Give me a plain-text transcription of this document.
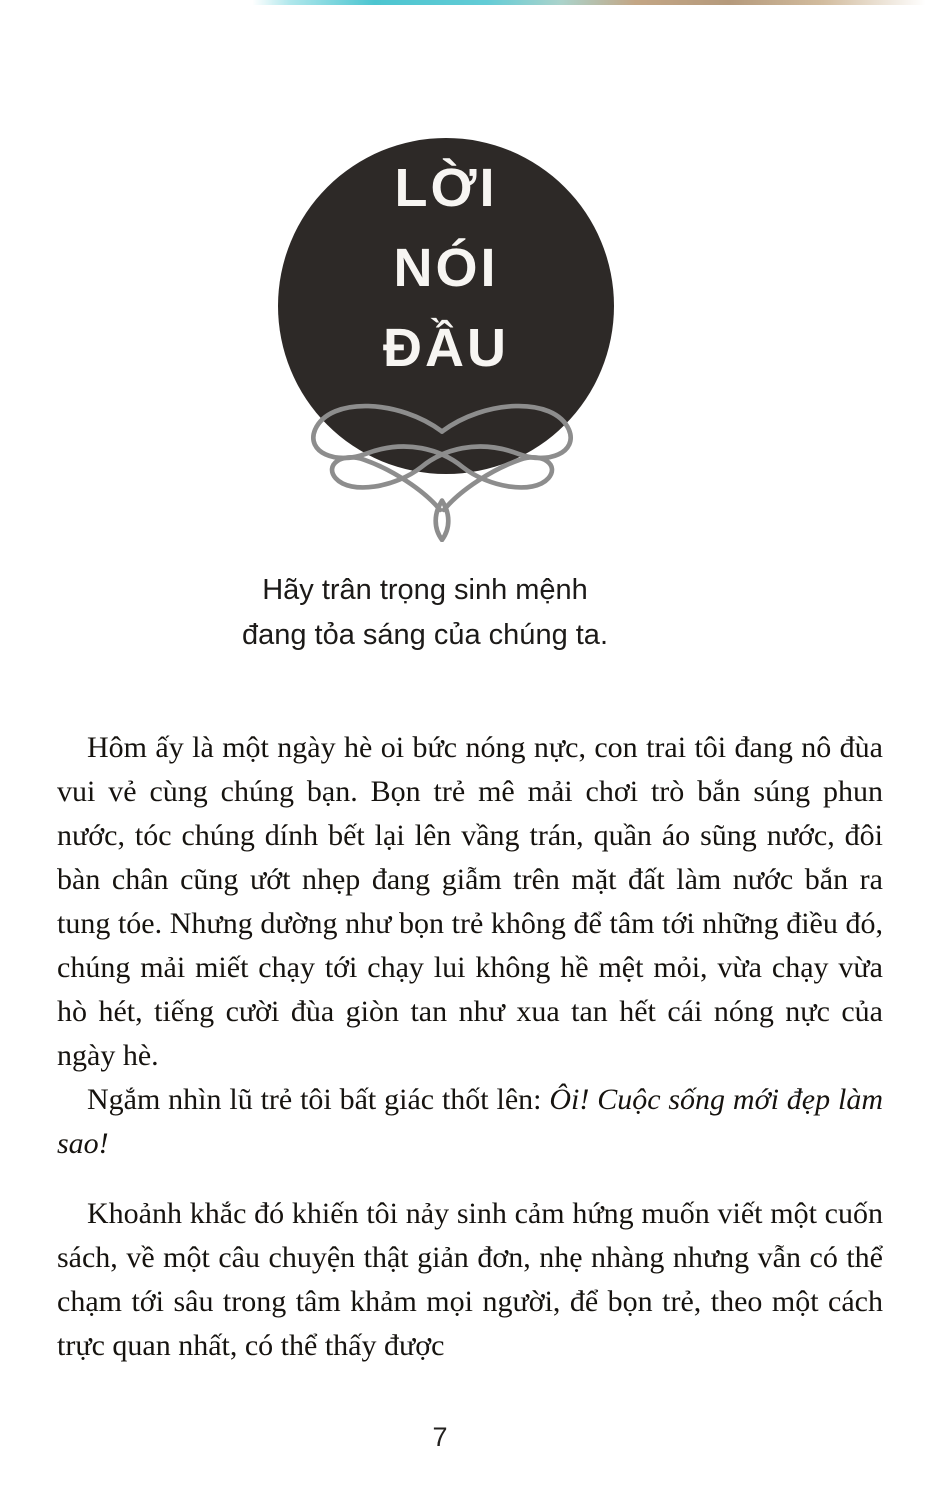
LỜI
NÓI
ĐẦU
Hãy trân trọng sinh mệnh
đang tỏa sáng của chúng ta.

Hôm ấy là một ngày hè oi bức nóng nực, con trai tôi đang nô đùa vui vẻ cùng chúng bạn. Bọn trẻ mê mải chơi trò bắn súng phun nước, tóc chúng dính bết lại lên vầng trán, quần áo sũng nước, đôi bàn chân cũng ướt nhẹp đang giẫm trên mặt đất làm nước bắn ra tung tóe. Nhưng dường như bọn trẻ không để tâm tới những điều đó, chúng mải miết chạy tới chạy lui không hề mệt mỏi, vừa chạy vừa hò hét, tiếng cười đùa giòn tan như xua tan hết cái nóng nực của ngày hè.

Ngắm nhìn lũ trẻ tôi bất giác thốt lên: Ôi! Cuộc sống mới đẹp làm sao!

Khoảnh khắc đó khiến tôi nảy sinh cảm hứng muốn viết một cuốn sách, về một câu chuyện thật giản đơn, nhẹ nhàng nhưng vẫn có thể chạm tới sâu trong tâm khảm mọi người, để bọn trẻ, theo một cách trực quan nhất, có thể thấy được

7
